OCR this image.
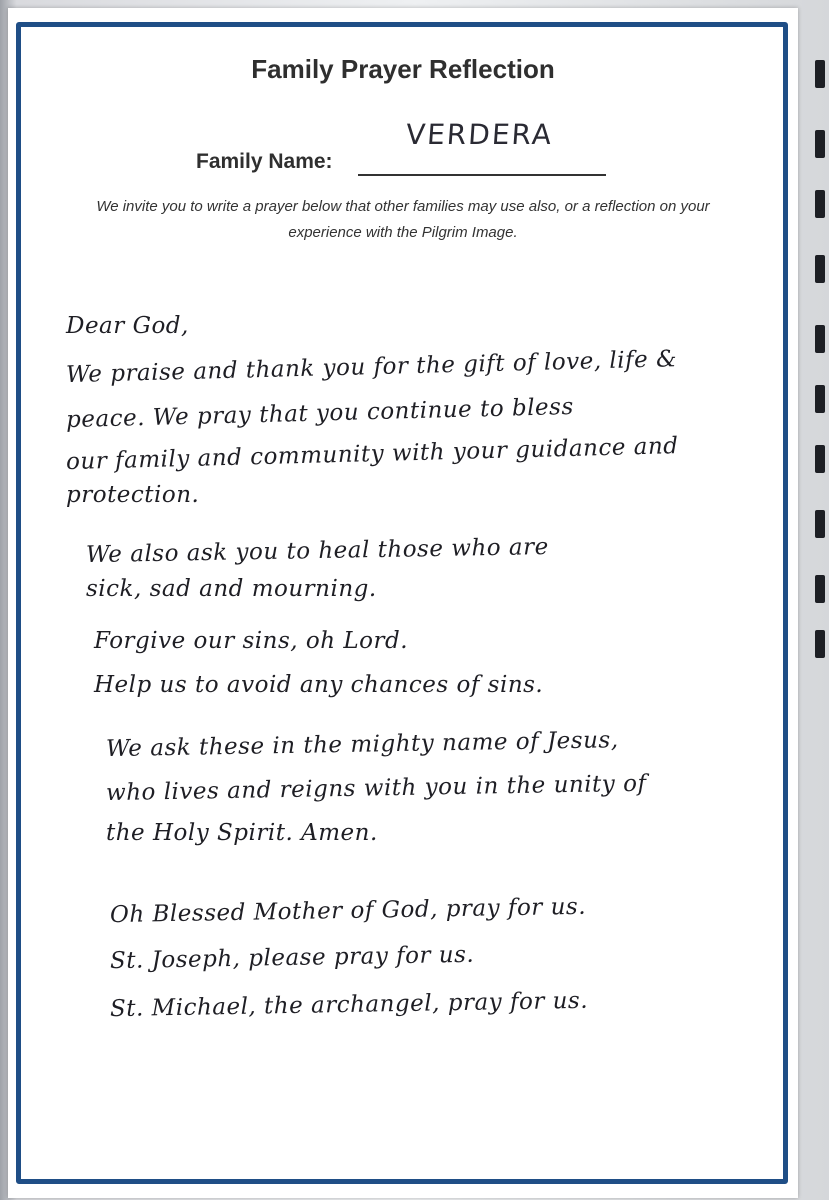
Family Prayer Reflection
Family Name:
VERDERA
We invite you to write a prayer below that other families may use also, or a reflection on your
experience with the Pilgrim Image.
Dear God,
We praise and thank you for the gift of love, life &
peace. We pray that you continue to bless
our family and community with your guidance and
protection.
We also ask you to heal those who are
sick, sad and mourning.
Forgive our sins, oh Lord.
Help us to avoid any chances of sins.
We ask these in the mighty name of Jesus,
who lives and reigns with you in the unity of
the Holy Spirit. Amen.
Oh Blessed Mother of God, pray for us.
St. Joseph, please pray for us.
St. Michael, the archangel, pray for us.
